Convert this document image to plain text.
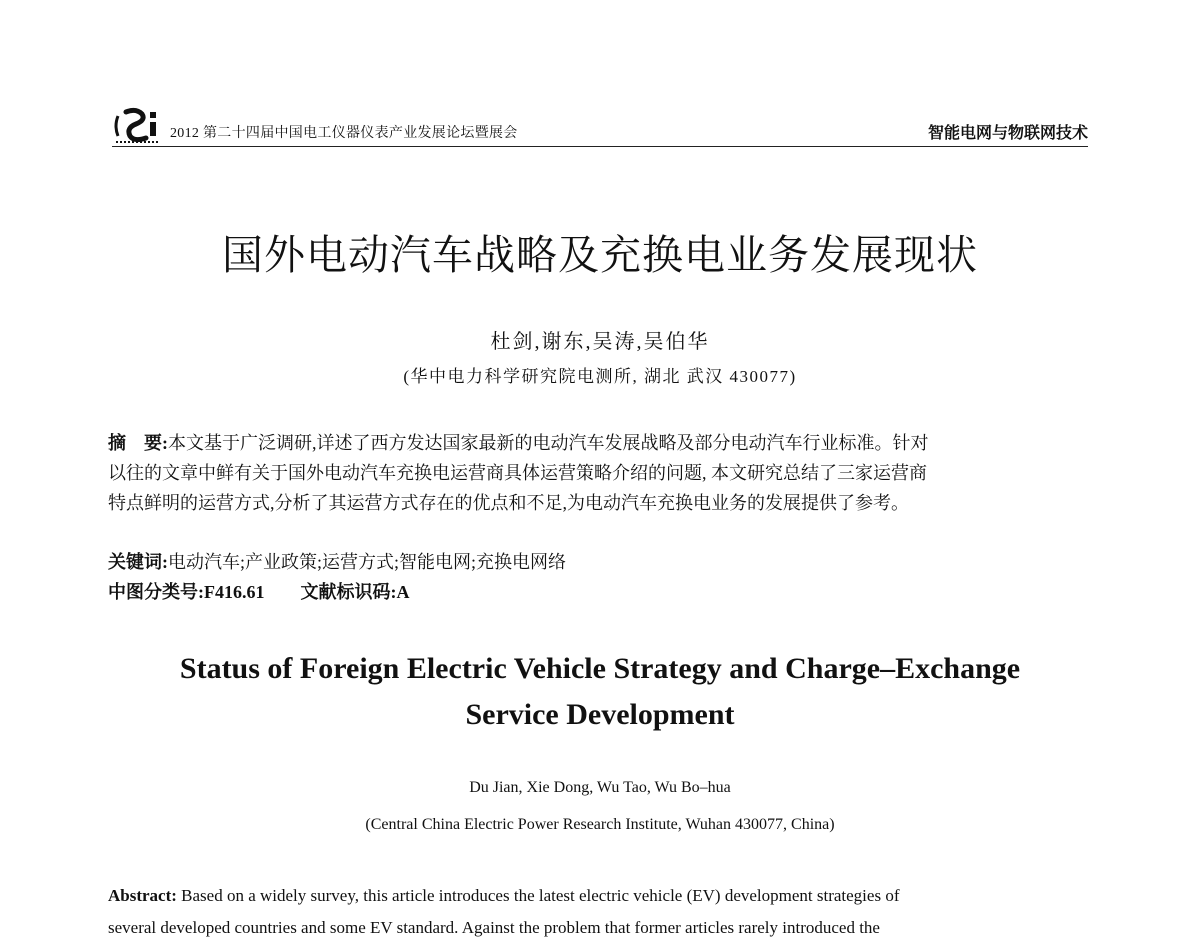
2012 第二十四届中国电工仪器仪表产业发展论坛暨展会	智能电网与物联网技术
国外电动汽车战略及充换电业务发展现状
杜剑,谢东,吴涛,吴伯华
(华中电力科学研究院电测所, 湖北 武汉 430077)
摘　要:本文基于广泛调研,详述了西方发达国家最新的电动汽车发展战略及部分电动汽车行业标准。针对
以往的文章中鲜有关于国外电动汽车充换电运营商具体运营策略介绍的问题, 本文研究总结了三家运营商
特点鲜明的运营方式,分析了其运营方式存在的优点和不足,为电动汽车充换电业务的发展提供了参考。
关键词:电动汽车;产业政策;运营方式;智能电网;充换电网络
中图分类号:F416.61 文献标识码:A
Status of Foreign Electric Vehicle Strategy and Charge–Exchange
Service Development
Du Jian, Xie Dong, Wu Tao, Wu Bo–hua
(Central China Electric Power Research Institute, Wuhan 430077, China)
Abstract: Based on a widely survey, this article introduces the latest electric vehicle (EV) development strategies of
several developed countries and some EV standard. Against the problem that former articles rarely introduced the
